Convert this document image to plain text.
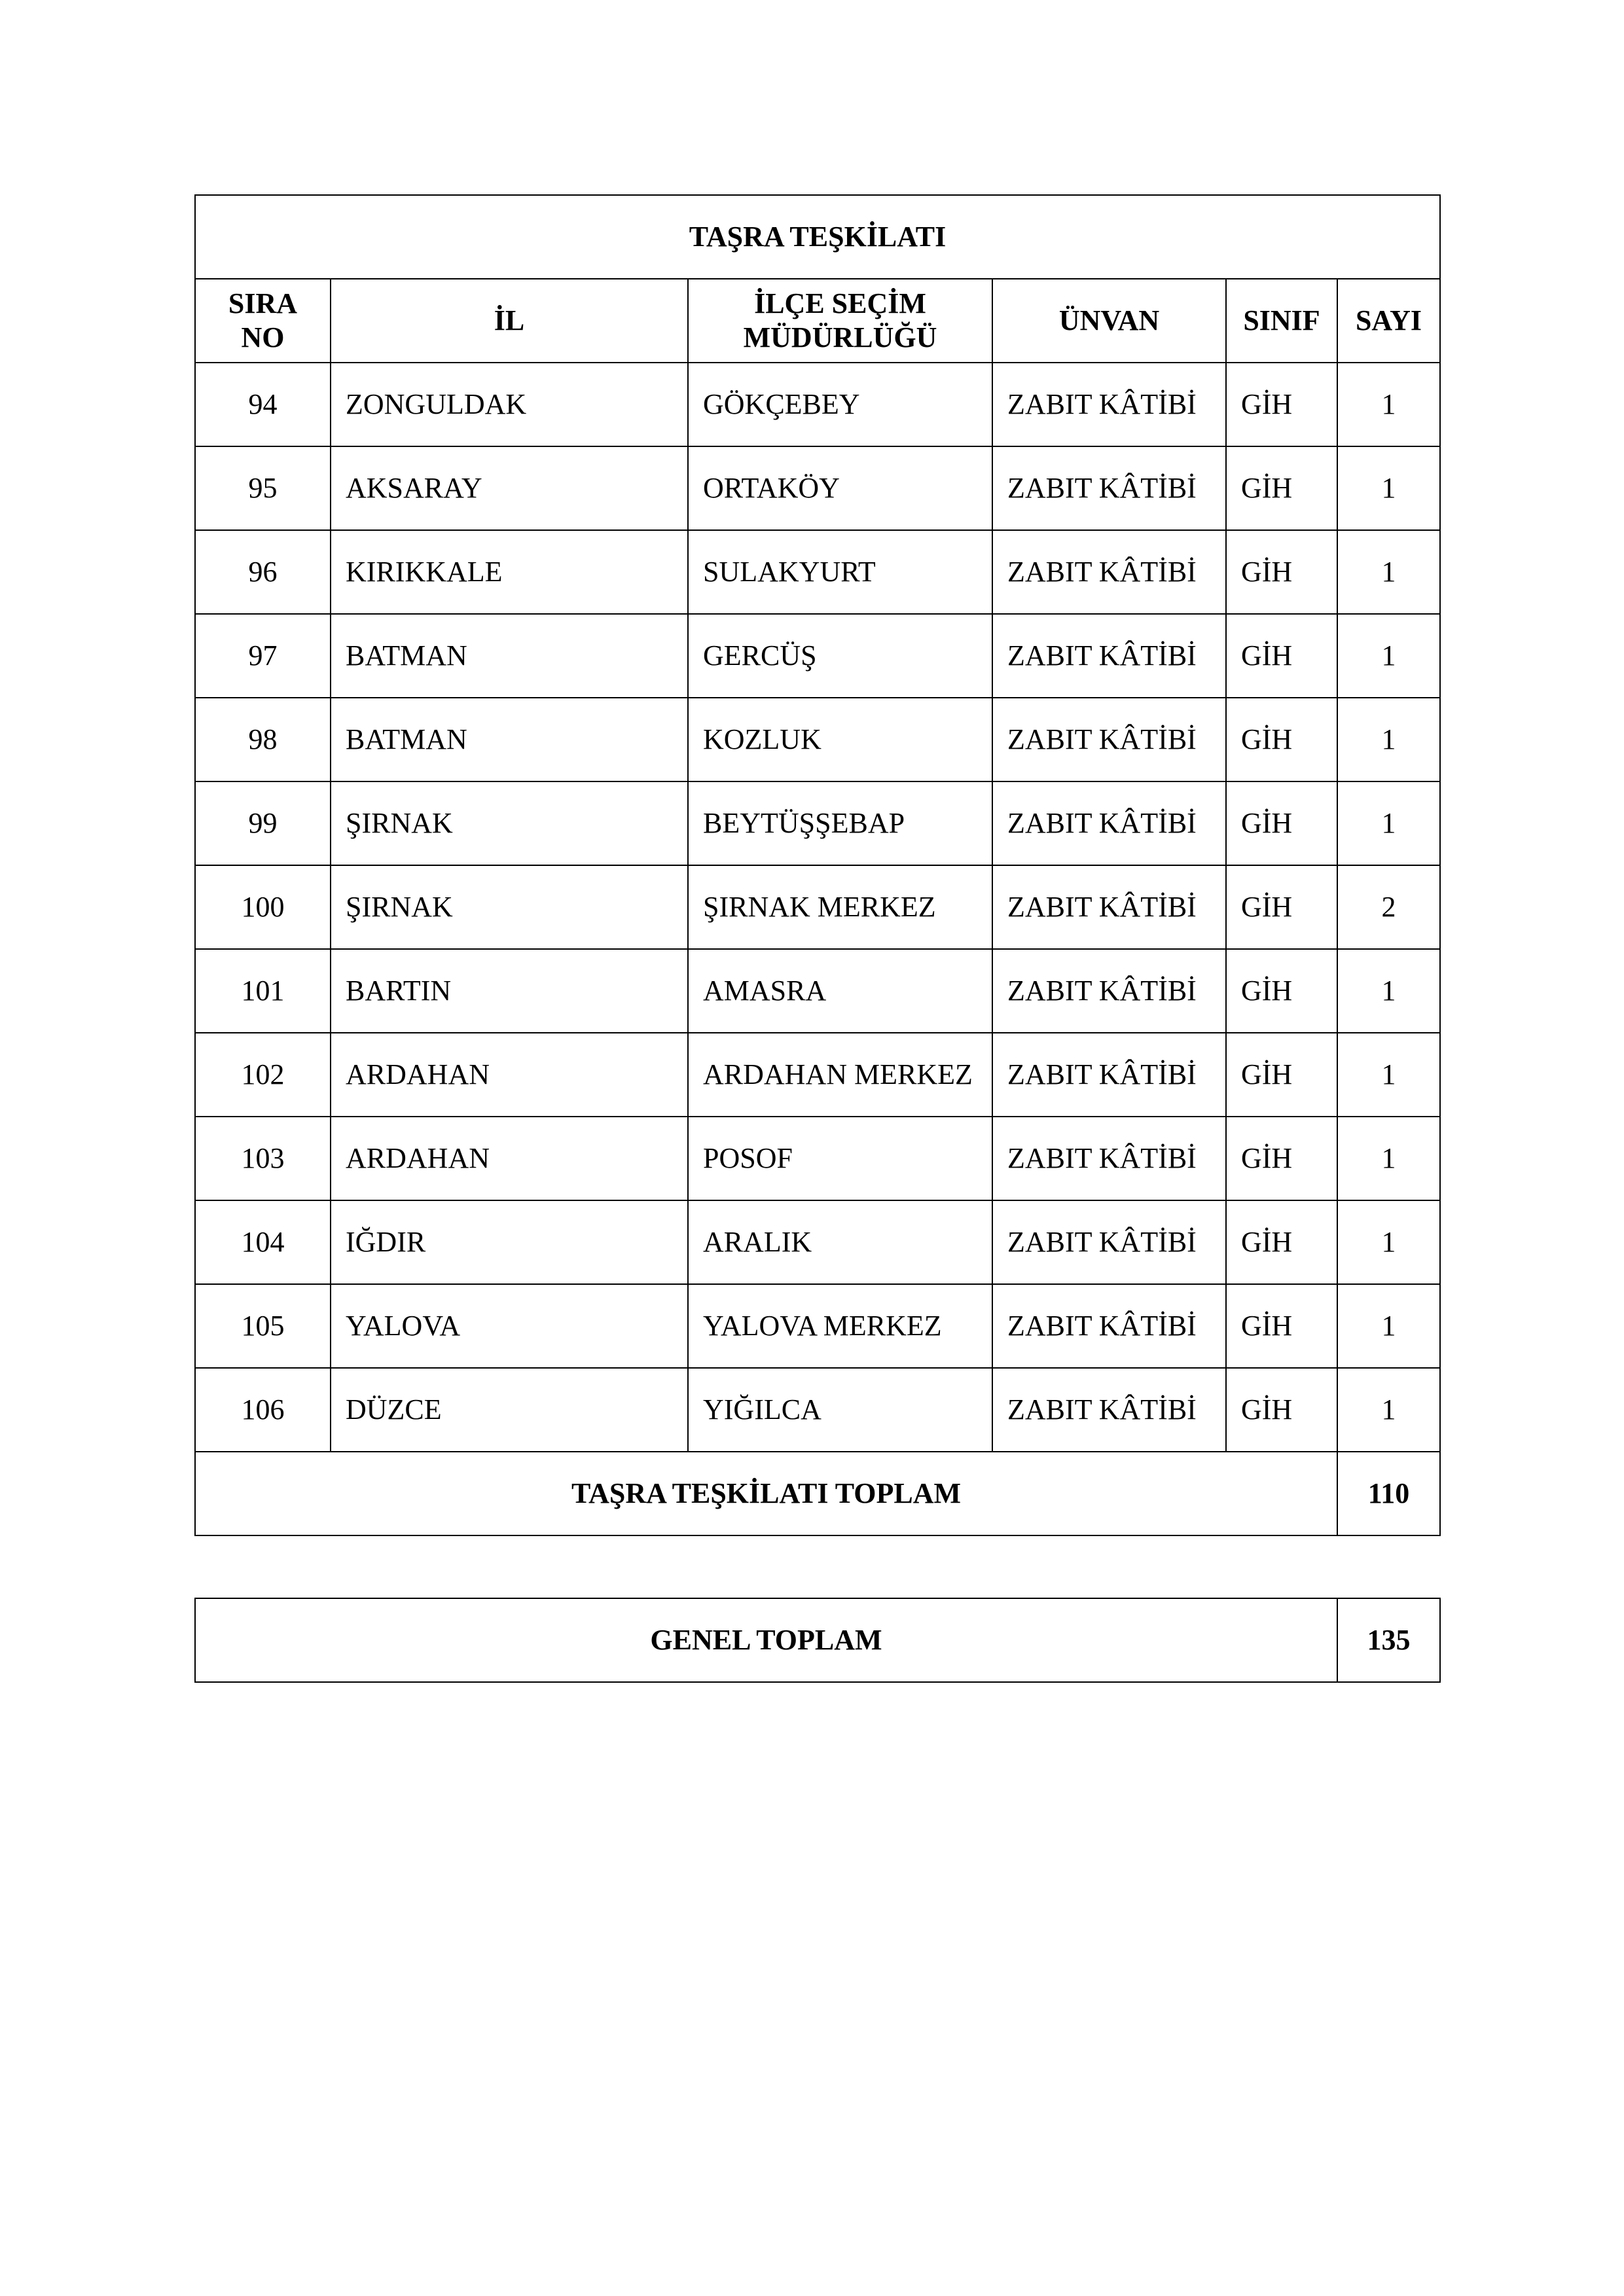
TAŞRA TEŞKİLATI					
SIRA NO	İL	İLÇE SEÇİM MÜDÜRLÜĞÜ	ÜNVAN	SINIF	SAYI
94	ZONGULDAK	GÖKÇEBEY	ZABIT KÂTİBİ	GİH	1
95	AKSARAY	ORTAKÖY	ZABIT KÂTİBİ	GİH	1
96	KIRIKKALE	SULAKYURT	ZABIT KÂTİBİ	GİH	1
97	BATMAN	GERCÜŞ	ZABIT KÂTİBİ	GİH	1
98	BATMAN	KOZLUK	ZABIT KÂTİBİ	GİH	1
99	ŞIRNAK	BEYTÜŞŞEBAP	ZABIT KÂTİBİ	GİH	1
100	ŞIRNAK	ŞIRNAK MERKEZ	ZABIT KÂTİBİ	GİH	2
101	BARTIN	AMASRA	ZABIT KÂTİBİ	GİH	1
102	ARDAHAN	ARDAHAN MERKEZ	ZABIT KÂTİBİ	GİH	1
103	ARDAHAN	POSOF	ZABIT KÂTİBİ	GİH	1
104	IĞDIR	ARALIK	ZABIT KÂTİBİ	GİH	1
105	YALOVA	YALOVA MERKEZ	ZABIT KÂTİBİ	GİH	1
106	DÜZCE	YIĞILCA	ZABIT KÂTİBİ	GİH	1
TAŞRA TEŞKİLATI TOPLAM					110
GENEL TOPLAM	135
